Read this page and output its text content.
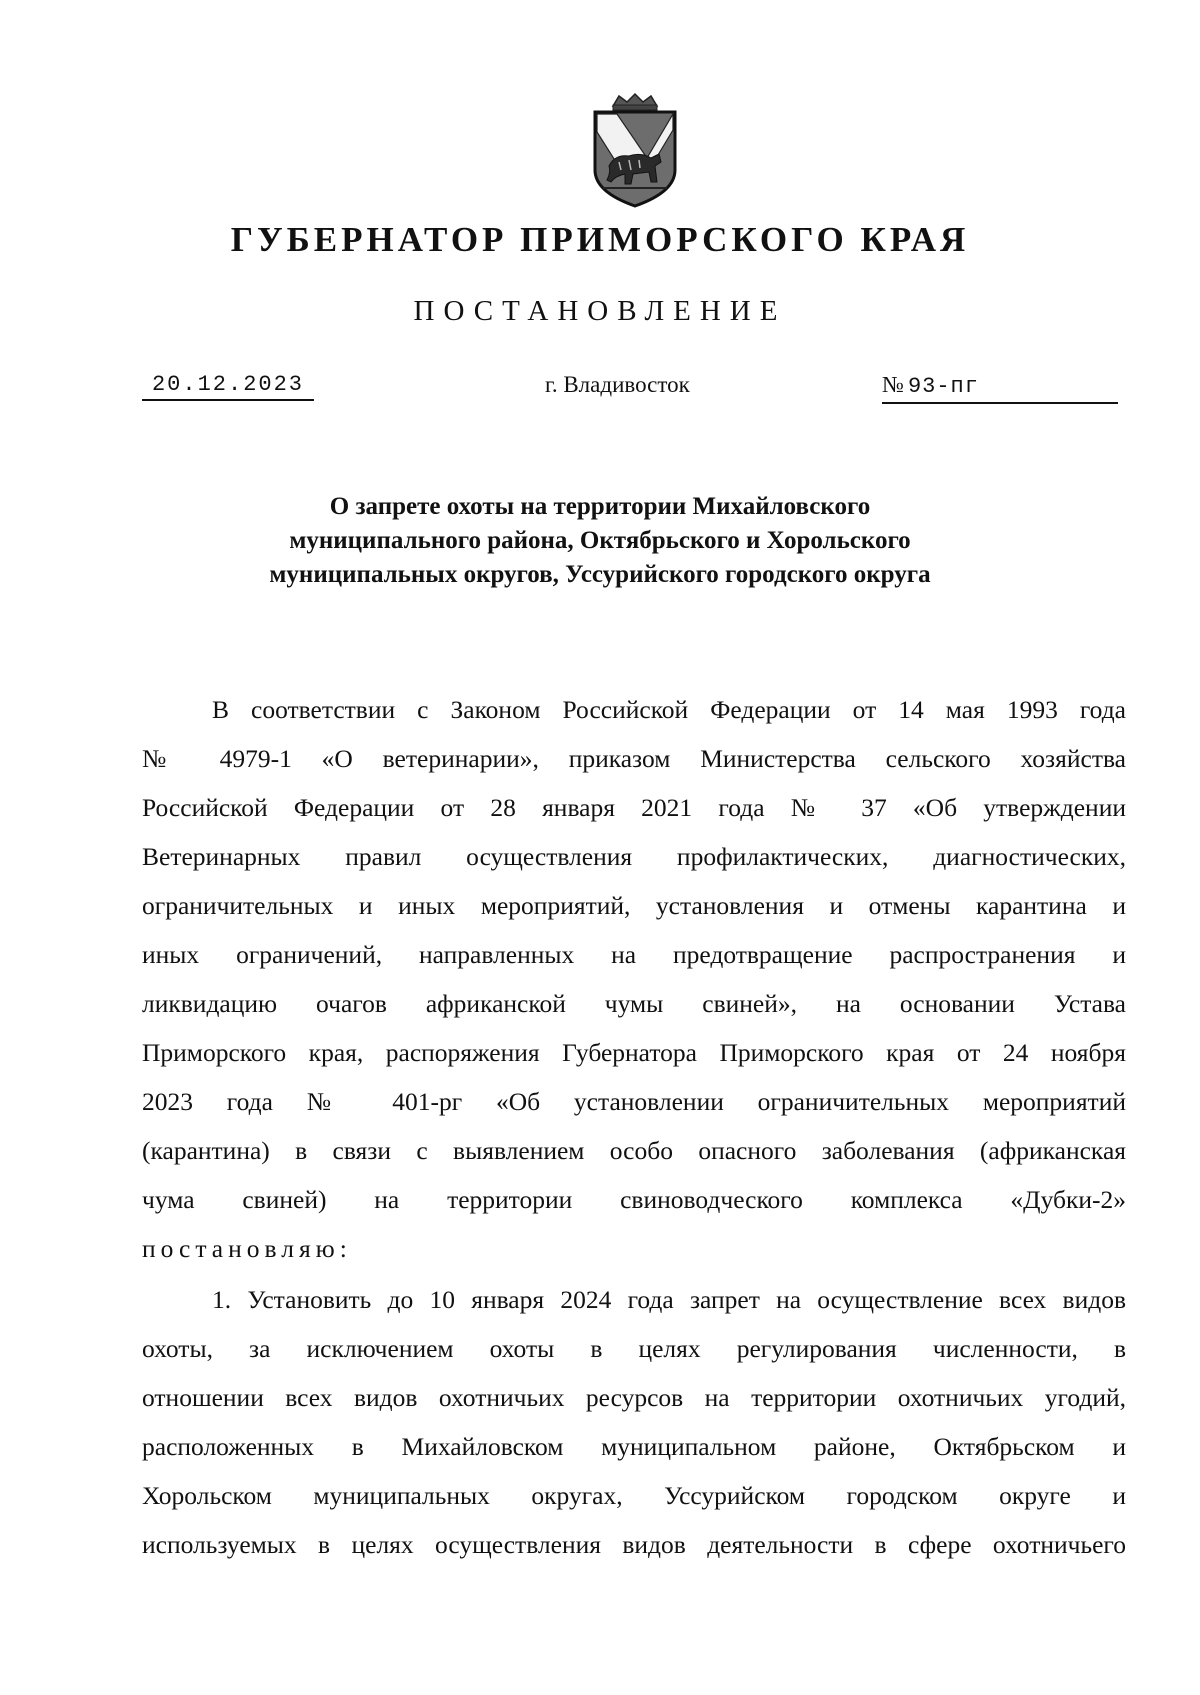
ГУБЕРНАТОР ПРИМОРСКОГО КРАЯ
ПОСТАНОВЛЕНИЕ
20.12.2023	г. Владивосток	№ 93-пг
О запрете охоты на территории Михайловского
муниципального района, Октябрьского и Хорольского
муниципальных округов, Уссурийского городского округа
В соответствии с Законом Российской Федерации от 14 мая 1993 года
№ 4979-1 «О ветеринарии», приказом Министерства сельского хозяйства
Российской Федерации от 28 января 2021 года № 37 «Об утверждении
Ветеринарных правил осуществления профилактических, диагностических,
ограничительных и иных мероприятий, установления и отмены карантина и
иных ограничений, направленных на предотвращение распространения и
ликвидацию очагов африканской чумы свиней», на основании Устава
Приморского края, распоряжения Губернатора Приморского края от 24 ноября
2023 года № 401-рг «Об установлении ограничительных мероприятий
(карантина) в связи с выявлением особо опасного заболевания (африканская
чума свиней) на территории свиноводческого комплекса «Дубки-2»
постановляю:
1. Установить до 10 января 2024 года запрет на осуществление всех видов
охоты, за исключением охоты в целях регулирования численности, в
отношении всех видов охотничьих ресурсов на территории охотничьих угодий,
расположенных в Михайловском муниципальном районе, Октябрьском и
Хорольском муниципальных округах, Уссурийском городском округе и
используемых в целях осуществления видов деятельности в сфере охотничьего
